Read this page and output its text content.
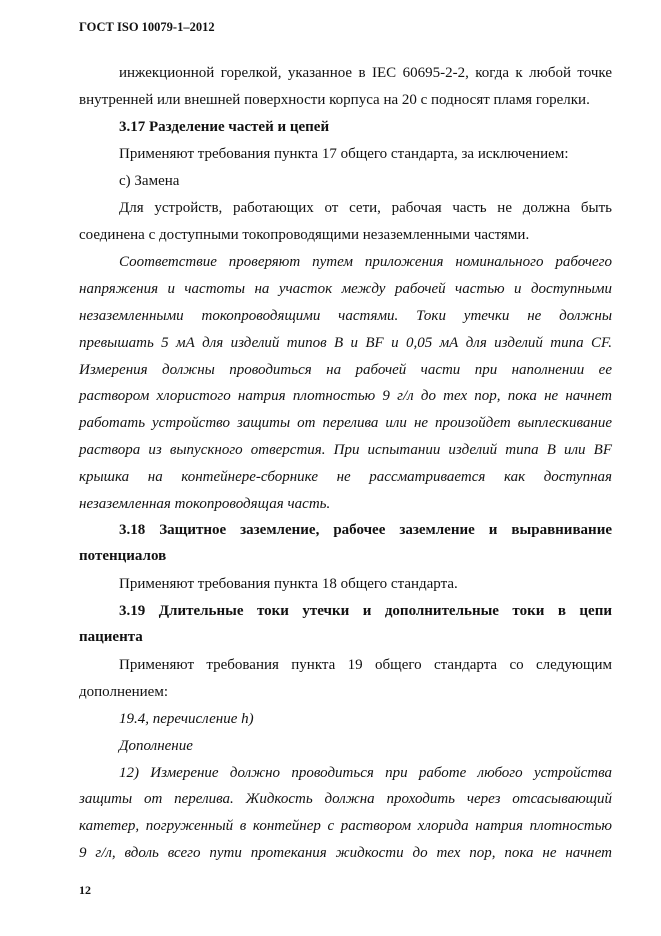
ГОСТ ISO 10079-1–2012
инжекционной горелкой, указанное в IEC 60695-2-2, когда к любой точке
внутренней или внешней поверхности корпуса на 20 с подносят пламя горелки.
3.17 Разделение частей и цепей
Применяют требования пункта 17 общего стандарта, за исключением:
с) Замена
Для устройств, работающих от сети, рабочая часть не должна быть
соединена с доступными токопроводящими незаземленными частями.
Соответствие проверяют путем приложения номинального рабочего
напряжения и частоты на участок между рабочей частью и доступными
незаземленными токопроводящими частями. Токи утечки не должны
превышать 5 мА для изделий типов B и BF и 0,05 мА для изделий типа CF.
Измерения должны проводиться на рабочей части при наполнении ее
раствором хлористого натрия плотностью 9 г/л до тех пор, пока не начнет
работать устройство защиты от перелива или не произойдет выплескивание
раствора из выпускного отверстия. При испытании изделий типа B или BF
крышка на контейнере-сборнике не рассматривается как доступная
незаземленная токопроводящая часть.
3.18 Защитное заземление, рабочее заземление и выравнивание
потенциалов
Применяют требования пункта 18 общего стандарта.
3.19 Длительные токи утечки и дополнительные токи в цепи
пациента
Применяют требования пункта 19 общего стандарта со следующим
дополнением:
19.4, перечисление h)
Дополнение
12) Измерение должно проводиться при работе любого устройства
защиты от перелива. Жидкость должна проходить через отсасывающий
катетер, погруженный в контейнер с раствором хлорида натрия плотностью
9 г/л, вдоль всего пути протекания жидкости до тех пор, пока не начнет
12
